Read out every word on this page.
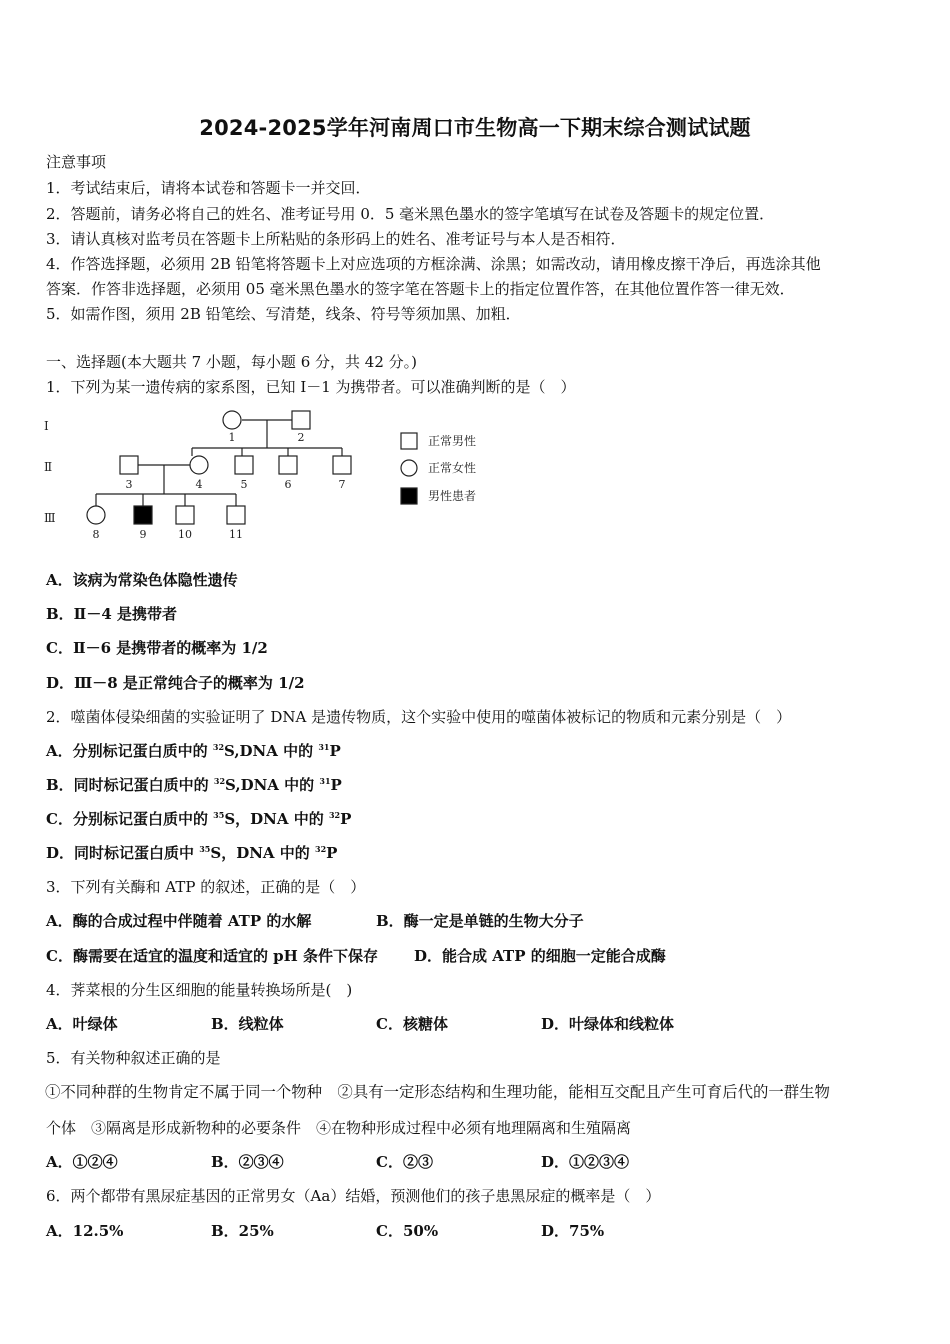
2024-2025学年河南周口市生物高一下期末综合测试试题
注意事项
1．考试结束后，请将本试卷和答题卡一并交回．
2．答题前，请务必将自己的姓名、准考证号用 0．5 毫米黑色墨水的签字笔填写在试卷及答题卡的规定位置．
3．请认真核对监考员在答题卡上所粘贴的条形码上的姓名、准考证号与本人是否相符．
4．作答选择题，必须用 2B 铅笔将答题卡上对应选项的方框涂满、涂黑；如需改动，请用橡皮擦干净后，再选涂其他
答案．作答非选择题，必须用 05 毫米黑色墨水的签字笔在答题卡上的指定位置作答，在其他位置作答一律无效．
5．如需作图，须用 2B 铅笔绘、写清楚，线条、符号等须加黑、加粗．
一、选择题(本大题共 7 小题，每小题 6 分，共 42 分。)
1．下列为某一遗传病的家系图，已知 I－1 为携带者。可以准确判断的是（　）
Ⅰ
Ⅱ
Ⅲ
1	2
3	4	5	6	7
8	9	10	11
正常男性
正常女性
男性患者
A．该病为常染色体隐性遗传
B．Ⅱ－4 是携带者
C．Ⅱ－6 是携带者的概率为 1/2
D．Ⅲ－8 是正常纯合子的概率为 1/2
2．噬菌体侵染细菌的实验证明了 DNA 是遗传物质，这个实验中使用的噬菌体被标记的物质和元素分别是（　）
A．分别标记蛋白质中的 $^{32}$S,DNA 中的 $^{31}$P
B．同时标记蛋白质中的 $^{32}$S,DNA 中的 $^{31}$P
C．分别标记蛋白质中的 $^{35}$S，DNA 中的 $^{32}$P
D．同时标记蛋白质中 $^{35}$S，DNA 中的 $^{32}$P
3．下列有关酶和 ATP 的叙述，正确的是（　）
A．酶的合成过程中伴随着 ATP 的水解	B．酶一定是单链的生物大分子
C．酶需要在适宜的温度和适宜的 pH 条件下保存 D．能合成 ATP 的细胞一定能合成酶
4．荠菜根的分生区细胞的能量转换场所是(　)
A．叶绿体	B．线粒体	C．核糖体	D．叶绿体和线粒体
5．有关物种叙述正确的是
①不同种群的生物肯定不属于同一个物种　②具有一定形态结构和生理功能，能相互交配且产生可育后代的一群生物
个体　③隔离是形成新物种的必要条件　④在物种形成过程中必须有地理隔离和生殖隔离
A．①②④	B．②③④	C．②③	D．①②③④
6．两个都带有黑尿症基因的正常男女（Aa）结婚，预测他们的孩子患黑尿症的概率是（　）
A．12.5%	B．25%	C．50%	D．75%
